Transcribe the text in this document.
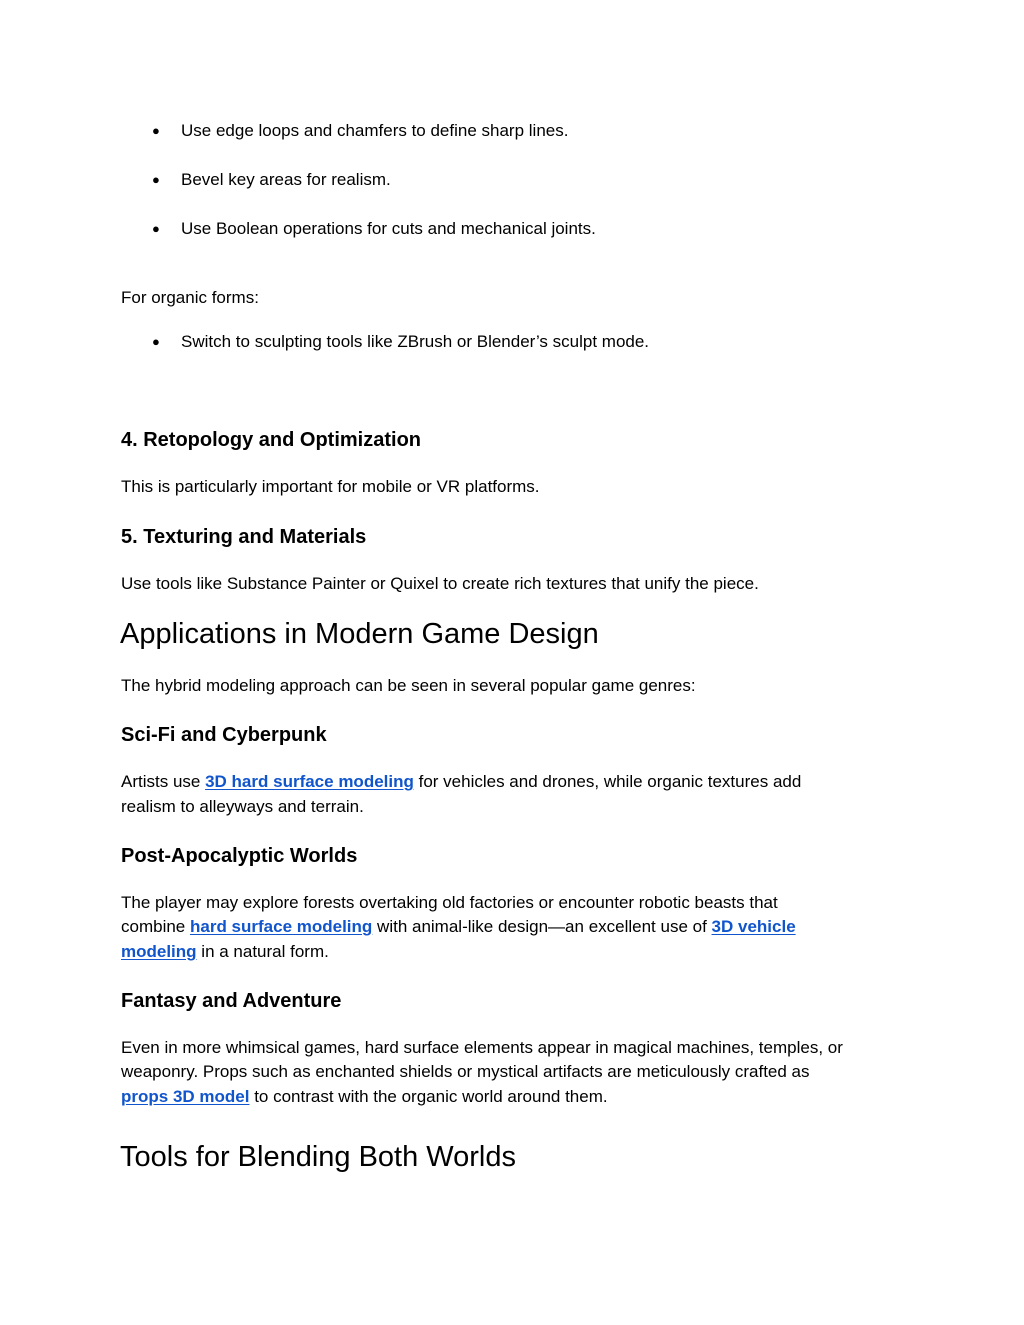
● Use edge loops and chamfers to define sharp lines.

● Bevel key areas for realism.

● Use Boolean operations for cuts and mechanical joints.

For organic forms:

● Switch to sculpting tools like ZBrush or Blender’s sculpt mode.

4. Retopology and Optimization

This is particularly important for mobile or VR platforms.

5. Texturing and Materials

Use tools like Substance Painter or Quixel to create rich textures that unify the piece.

Applications in Modern Game Design

The hybrid modeling approach can be seen in several popular game genres:

Sci-Fi and Cyberpunk

Artists use 3D hard surface modeling for vehicles and drones, while organic textures add

realism to alleyways and terrain.

Post-Apocalyptic Worlds

The player may explore forests overtaking old factories or encounter robotic beasts that

combine hard surface modeling with animal-like design—an excellent use of 3D vehicle

modeling in a natural form.

Fantasy and Adventure

Even in more whimsical games, hard surface elements appear in magical machines, temples, or

weaponry. Props such as enchanted shields or mystical artifacts are meticulously crafted as

props 3D model to contrast with the organic world around them.

Tools for Blending Both Worlds
